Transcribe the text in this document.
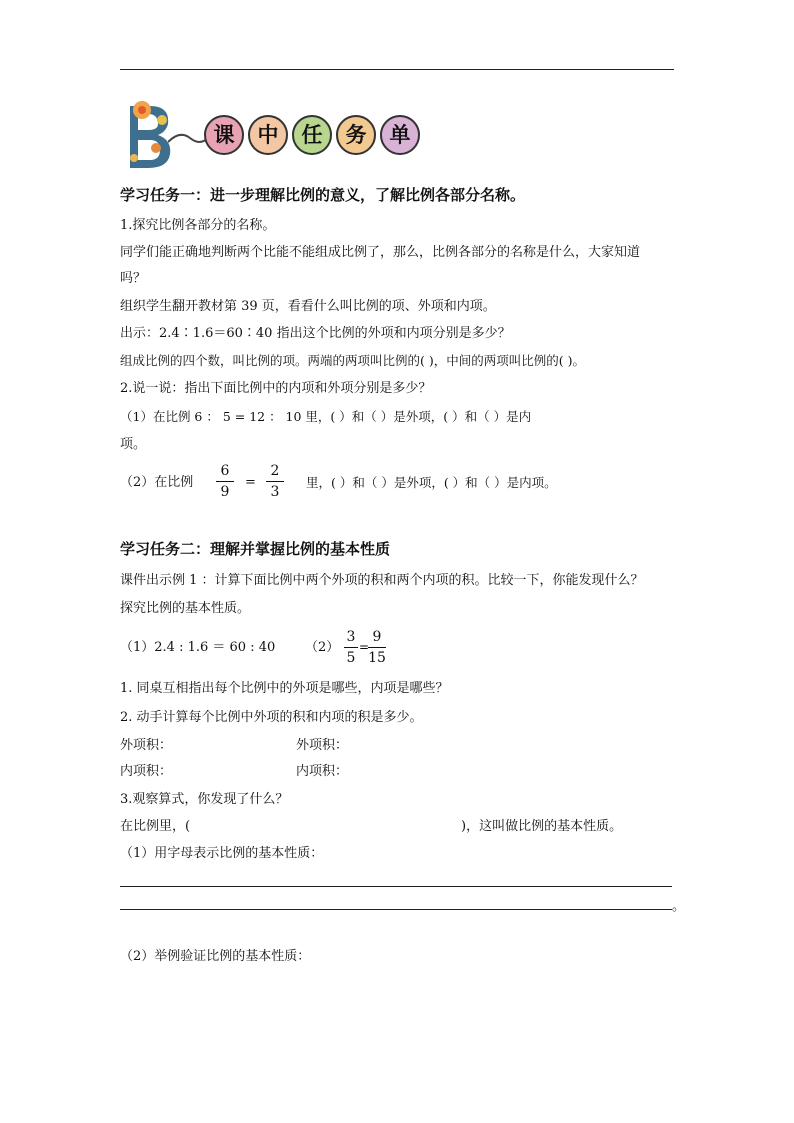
课	中	任	务	单
学习任务一：进一步理解比例的意义，了解比例各部分名称。
1.探究比例各部分的名称。
同学们能正确地判断两个比能不能组成比例了，那么，比例各部分的名称是什么，大家知道
吗？
组织学生翻开教材第 39 页，看看什么叫比例的项、外项和内项。
出示：2.4∶1.6＝60∶40 指出这个比例的外项和内项分别是多少？
组成比例的四个数，叫比例的项。两端的两项叫比例的( )，中间的两项叫比例的( )。
2.说一说：指出下面比例中的内项和外项分别是多少？
（1）在比例 6 ： 5 = 12 ： 10 里，( ）和（ ）是外项，( ）和（ ）是内
项。
（2）在比例
6
9
=
2
3
里，( ）和（ ）是外项，( ）和（ ）是内项。
学习任务二：理解并掌握比例的基本性质
课件出示例 1 ：计算下面比例中两个外项的积和两个内项的积。比较一下，你能发现什么？
探究比例的基本性质。
（1）2.4 : 1.6 ＝ 60 : 40 （2）
3
5
=
9
15
1. 同桌互相指出每个比例中的外项是哪些，内项是哪些？
2. 动手计算每个比例中外项的积和内项的积是多少。
外项积：	外项积：
内项积：	内项积：
3.观察算式，你发现了什么？
在比例里，(	)，这叫做比例的基本性质。
（1）用字母表示比例的基本性质：
。
（2）举例验证比例的基本性质：
